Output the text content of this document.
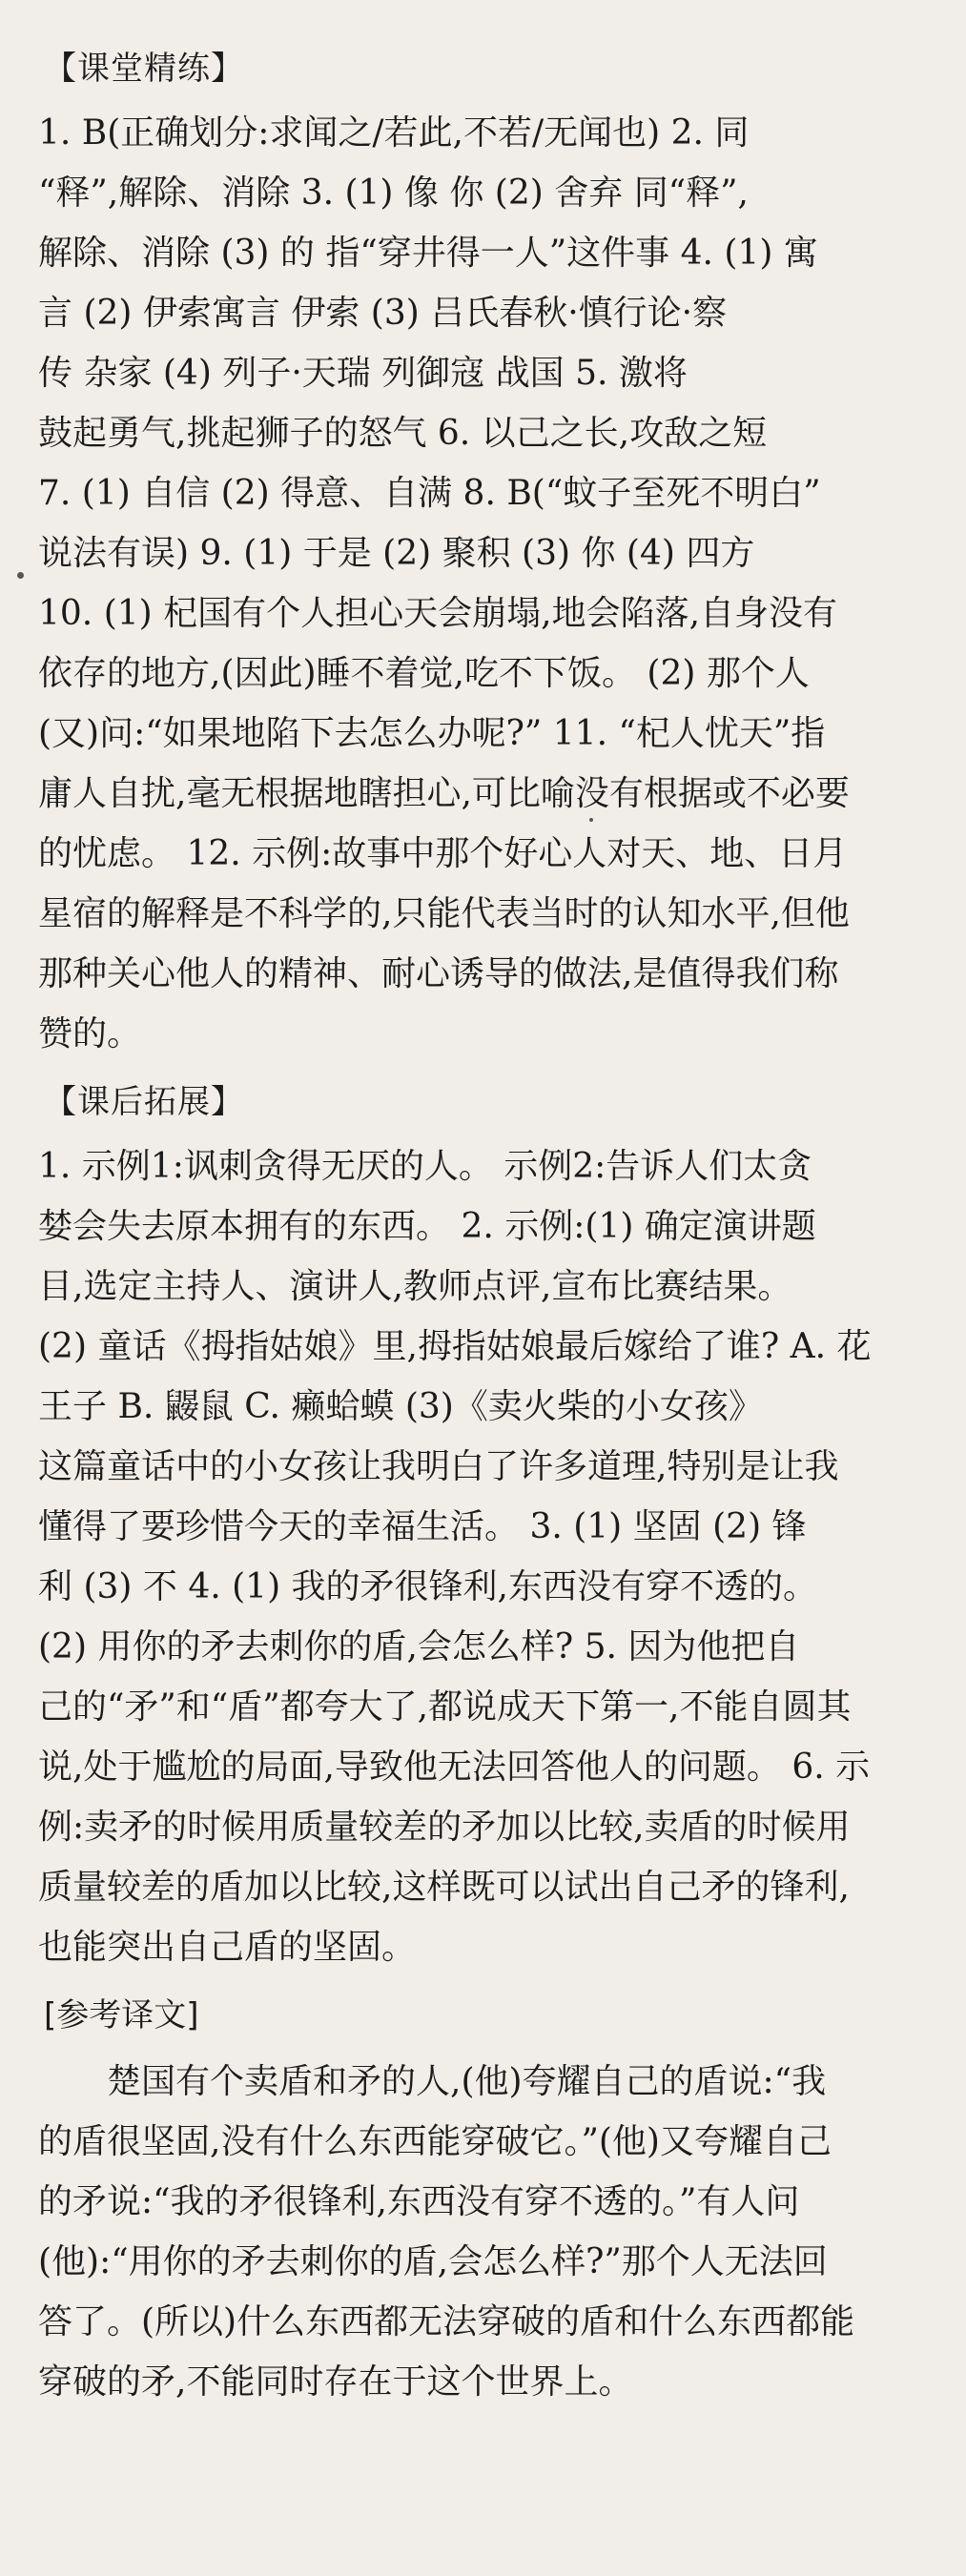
【课堂精练】
1. B(正确划分:求闻之/若此,不若/无闻也) 2. 同
“释”,解除、消除 3. (1) 像 你 (2) 舍弃 同“释”,
解除、消除 (3) 的 指“穿井得一人”这件事 4. (1) 寓
言 (2) 伊索寓言 伊索 (3) 吕氏春秋·慎行论·察
传 杂家 (4) 列子·天瑞 列御寇 战国 5. 激将
鼓起勇气,挑起狮子的怒气 6. 以己之长,攻敌之短
7. (1) 自信 (2) 得意、自满 8. B(“蚊子至死不明白”
说法有误) 9. (1) 于是 (2) 聚积 (3) 你 (4) 四方
10. (1) 杞国有个人担心天会崩塌,地会陷落,自身没有
依存的地方,(因此)睡不着觉,吃不下饭。 (2) 那个人
(又)问:“如果地陷下去怎么办呢?” 11. “杞人忧天”指
庸人自扰,毫无根据地瞎担心,可比喻没有根据或不必要
的忧虑。 12. 示例:故事中那个好心人对天、地、日月
星宿的解释是不科学的,只能代表当时的认知水平,但他
那种关心他人的精神、耐心诱导的做法,是值得我们称
赞的。
【课后拓展】
1. 示例1:讽刺贪得无厌的人。 示例2:告诉人们太贪
婪会失去原本拥有的东西。 2. 示例:(1) 确定演讲题
目,选定主持人、演讲人,教师点评,宣布比赛结果。
(2) 童话《拇指姑娘》里,拇指姑娘最后嫁给了谁? A. 花
王子 B. 鼹鼠 C. 癞蛤蟆 (3)《卖火柴的小女孩》
这篇童话中的小女孩让我明白了许多道理,特别是让我
懂得了要珍惜今天的幸福生活。 3. (1) 坚固 (2) 锋
利 (3) 不 4. (1) 我的矛很锋利,东西没有穿不透的。
(2) 用你的矛去刺你的盾,会怎么样? 5. 因为他把自
己的“矛”和“盾”都夸大了,都说成天下第一,不能自圆其
说,处于尴尬的局面,导致他无法回答他人的问题。 6. 示
例:卖矛的时候用质量较差的矛加以比较,卖盾的时候用
质量较差的盾加以比较,这样既可以试出自己矛的锋利,
也能突出自己盾的坚固。
[参考译文]
楚国有个卖盾和矛的人,(他)夸耀自己的盾说:“我
的盾很坚固,没有什么东西能穿破它。”(他)又夸耀自己
的矛说:“我的矛很锋利,东西没有穿不透的。”有人问
(他):“用你的矛去刺你的盾,会怎么样?”那个人无法回
答了。(所以)什么东西都无法穿破的盾和什么东西都能
穿破的矛,不能同时存在于这个世界上。
